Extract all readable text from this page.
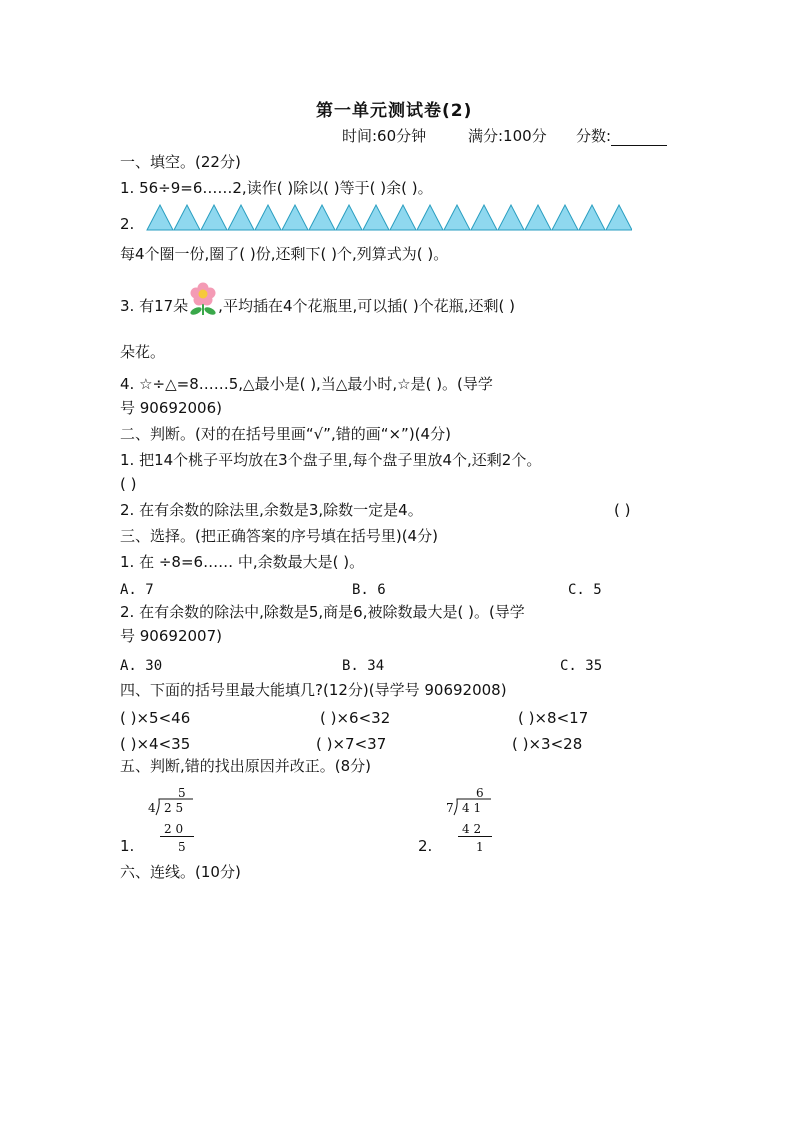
第一单元测试卷(2)
时间:60分钟	满分:100分 分数:
一、填空。(22分)
1. 56÷9=6……2,读作( )除以( )等于( )余( )。
2.
每4个圈一份,圈了( )份,还剩下( )个,列算式为( )。
3. 有17朵 ,平均插在4个花瓶里,可以插( )个花瓶,还剩( )
朵花。
4. ☆÷△=8……5,△最小是( ),当△最小时,☆是( )。(导学
号 90692006)
二、判断。(对的在括号里画“√”,错的画“×”)(4分)
1. 把14个桃子平均放在3个盘子里,每个盘子里放4个,还剩2个。
( )
2. 在有余数的除法里,余数是3,除数一定是4。	( )
三、选择。(把正确答案的序号填在括号里)(4分)
1. 在 ÷8=6…… 中,余数最大是( )。
A. 7	B. 6	C. 5
2. 在有余数的除法中,除数是5,商是6,被除数最大是( )。(导学
号 90692007)
A. 30	B. 34	C. 35
四、下面的括号里最大能填几?(12分)(导学号 90692008)
( )×5<46	( )×6<32	( )×8<17
( )×4<35	( )×7<37	( )×3<28
五、判断,错的找出原因并改正。(8分)
5
4 2 5
2 0
5
1.
6
7 4 1
4 2
1
2.
六、连线。(10分)
